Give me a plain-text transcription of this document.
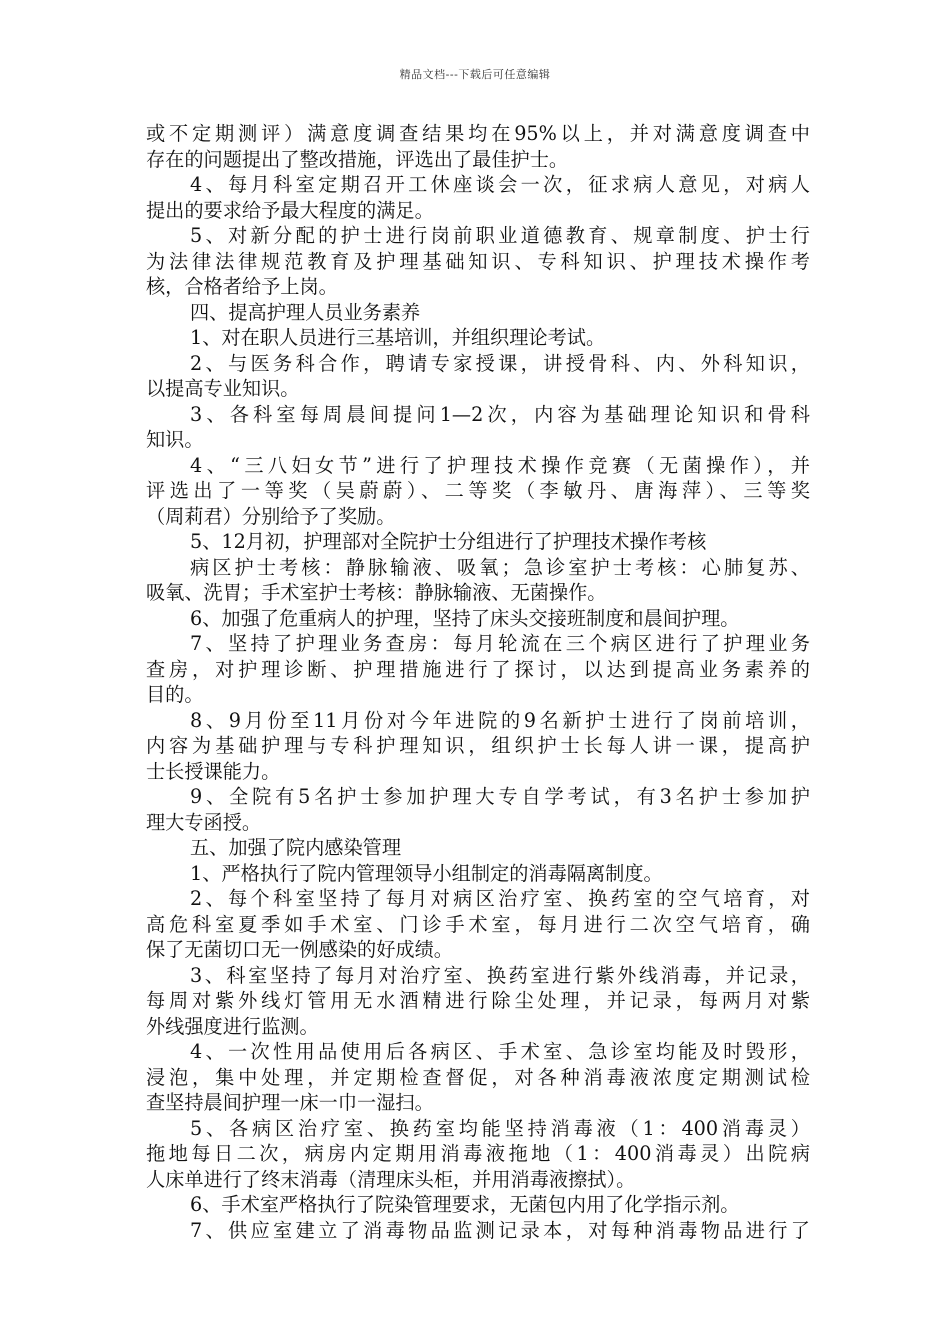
精品文档---下载后可任意编辑
或不定期测评）满意度调查结果均在95%以上，并对满意度调查中
存在的问题提出了整改措施，评选出了最佳护士。
4、每月科室定期召开工休座谈会一次，征求病人意见，对病人
提出的要求给予最大程度的满足。
5、对新分配的护士进行岗前职业道德教育、规章制度、护士行
为法律法律规范教育及护理基础知识、专科知识、护理技术操作考
核，合格者给予上岗。
四、提高护理人员业务素养
1、对在职人员进行三基培训，并组织理论考试。
2、与医务科合作，聘请专家授课，讲授骨科、内、外科知识，
以提高专业知识。
3、各科室每周晨间提问1—2次，内容为基础理论知识和骨科
知识。
4、“三八妇女节”进行了护理技术操作竞赛（无菌操作），并
评选出了一等奖（吴蔚蔚）、二等奖（李敏丹、唐海萍）、三等奖
（周莉君）分别给予了奖励。
5、12月初，护理部对全院护士分组进行了护理技术操作考核
病区护士考核：静脉输液、吸氧；急诊室护士考核：心肺复苏、
吸氧、洗胃；手术室护士考核：静脉输液、无菌操作。
6、加强了危重病人的护理，坚持了床头交接班制度和晨间护理。
7、坚持了护理业务查房：每月轮流在三个病区进行了护理业务
查房，对护理诊断、护理措施进行了探讨，以达到提高业务素养的
目的。
8、9月份至11月份对今年进院的9名新护士进行了岗前培训，
内容为基础护理与专科护理知识，组织护士长每人讲一课，提高护
士长授课能力。
9、全院有5名护士参加护理大专自学考试，有3名护士参加护
理大专函授。
五、加强了院内感染管理
1、严格执行了院内管理领导小组制定的消毒隔离制度。
2、每个科室坚持了每月对病区治疗室、换药室的空气培育，对
高危科室夏季如手术室、门诊手术室，每月进行二次空气培育，确
保了无菌切口无一例感染的好成绩。
3、科室坚持了每月对治疗室、换药室进行紫外线消毒，并记录，
每周对紫外线灯管用无水酒精进行除尘处理，并记录，每两月对紫
外线强度进行监测。
4、一次性用品使用后各病区、手术室、急诊室均能及时毁形，
浸泡，集中处理，并定期检查督促，对各种消毒液浓度定期测试检
查坚持晨间护理一床一巾一湿扫。
5、各病区治疗室、换药室均能坚持消毒液（1：400消毒灵）
拖地每日二次，病房内定期用消毒液拖地（1：400消毒灵）出院病
人床单进行了终末消毒（清理床头柜，并用消毒液擦拭）。
6、手术室严格执行了院染管理要求，无菌包内用了化学指示剂。
7、供应室建立了消毒物品监测记录本，对每种消毒物品进行了
